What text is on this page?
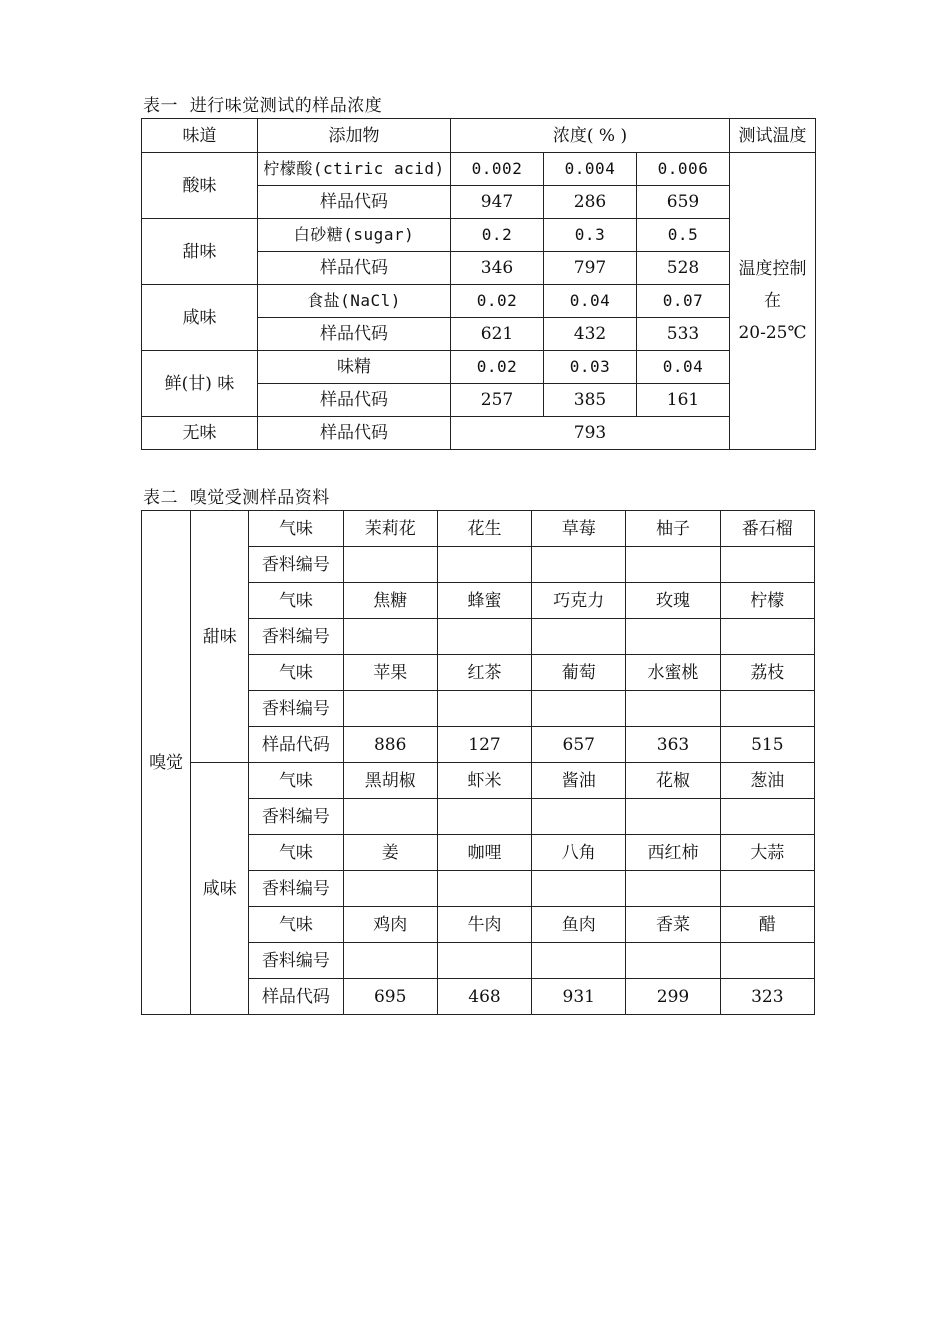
表一  进行味觉测试的样品浓度
味道	添加物	浓度( % )			测试温度
酸味	柠檬酸(ctiric acid)	0.002	0.004	0.006	温度控制
在
20-25℃

	样品代码	947	286	659	
甜味	白砂糖(sugar)	0.2	0.3	0.5	
	样品代码	346	797	528	
咸味	食盐(NaCl)	0.02	0.04	0.07	
	样品代码	621	432	533	
鲜(甘) 味	味精	0.02	0.03	0.04	
	样品代码	257	385	161	
无味	样品代码	793			
表二  嗅觉受测样品资料
嗅觉	甜味	气味	茉莉花	花生	草莓	柚子	番石榴
		香料编号					
		气味	焦糖	蜂蜜	巧克力	玫瑰	柠檬
		香料编号					
		气味	苹果	红茶	葡萄	水蜜桃	荔枝
		香料编号					
		样品代码	886	127	657	363	515
	咸味	气味	黑胡椒	虾米	酱油	花椒	葱油
		香料编号					
		气味	姜	咖哩	八角	西红柿	大蒜
		香料编号					
		气味	鸡肉	牛肉	鱼肉	香菜	醋
		香料编号					
		样品代码	695	468	931	299	323
